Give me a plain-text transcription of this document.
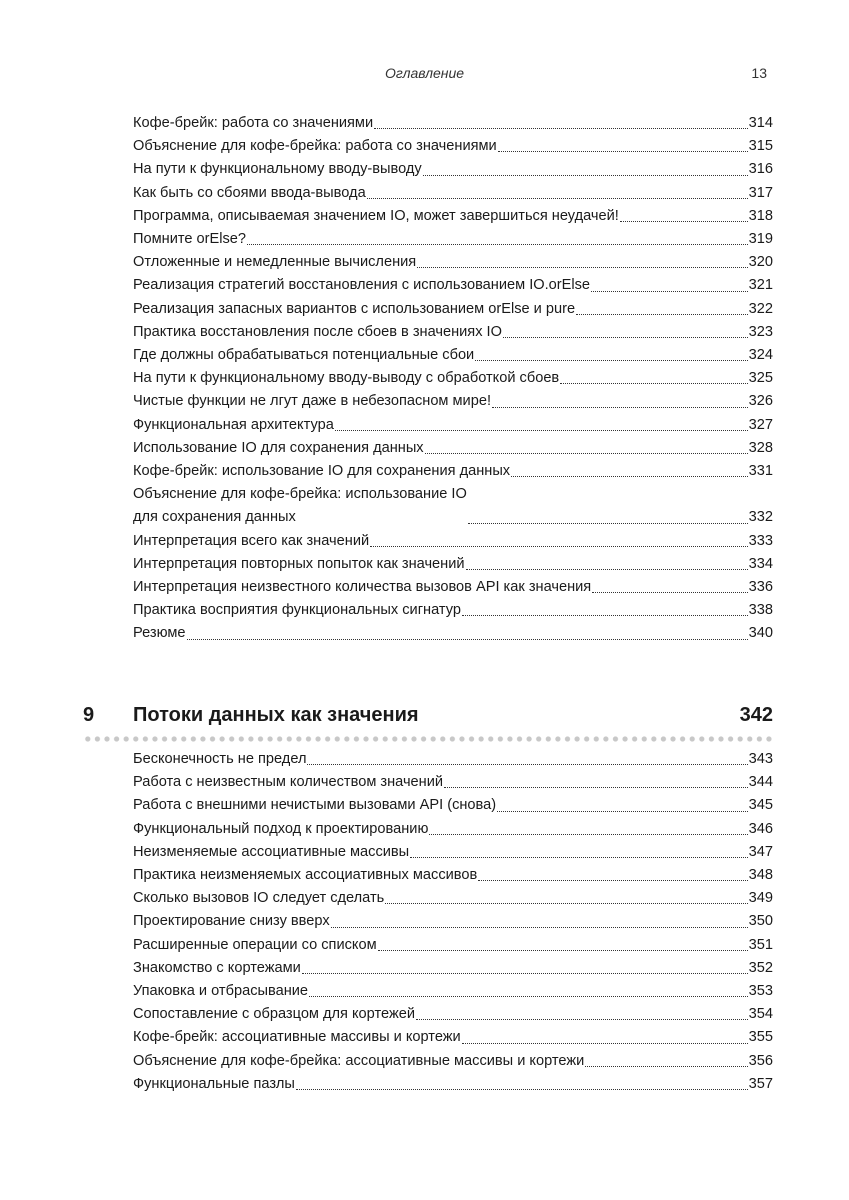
Оглавление	13
Кофе-брейк: работа со значениями	314
Объяснение для кофе-брейка: работа со значениями	315
На пути к функциональному вводу-выводу	316
Как быть со сбоями ввода-вывода	317
Программа, описываемая значением IO, может завершиться неудачей!	318
Помните orElse?	319
Отложенные и немедленные вычисления	320
Реализация стратегий восстановления с использованием IO.orElse	321
Реализация запасных вариантов с использованием orElse и pure	322
Практика восстановления после сбоев в значениях IO	323
Где должны обрабатываться потенциальные сбои	324
На пути к функциональному вводу-выводу с обработкой сбоев	325
Чистые функции не лгут даже в небезопасном мире!	326
Функциональная архитектура	327
Использование IO для сохранения данных	328
Кофе-брейк: использование IO для сохранения данных	331
Объяснение для кофе-брейка: использование IO
для сохранения данных	332
Интерпретация всего как значений	333
Интерпретация повторных попыток как значений	334
Интерпретация неизвестного количества вызовов API как значения	336
Практика восприятия функциональных сигнатур	338
Резюме	340
9 Потоки данных как значения	342
Бесконечность не предел	343
Работа с неизвестным количеством значений	344
Работа с внешними нечистыми вызовами API (снова)	345
Функциональный подход к проектированию	346
Неизменяемые ассоциативные массивы	347
Практика неизменяемых ассоциативных массивов	348
Сколько вызовов IO следует сделать	349
Проектирование снизу вверх	350
Расширенные операции со списком	351
Знакомство с кортежами	352
Упаковка и отбрасывание	353
Сопоставление с образцом для кортежей	354
Кофе-брейк: ассоциативные массивы и кортежи	355
Объяснение для кофе-брейка: ассоциативные массивы и кортежи	356
Функциональные пазлы	357
